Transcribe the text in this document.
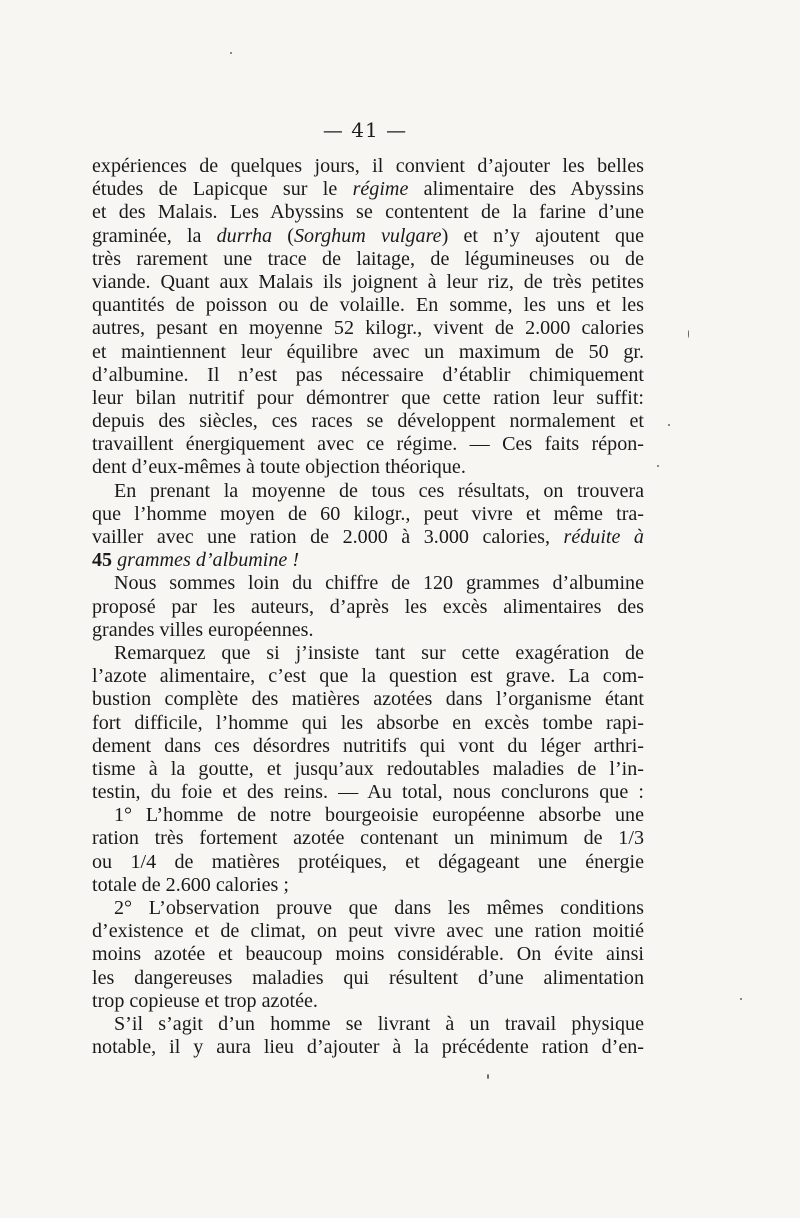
— 41 —
expériences de quelques jours, il convient d’ajouter les belles
études de Lapicque sur le régime alimentaire des Abyssins
et des Malais. Les Abyssins se contentent de la farine d’une
graminée, la durrha (Sorghum vulgare) et n’y ajoutent que
très rarement une trace de laitage, de légumineuses ou de
viande. Quant aux Malais ils joignent à leur riz, de très petites
quantités de poisson ou de volaille. En somme, les uns et les
autres, pesant en moyenne 52 kilogr., vivent de 2.000 calories
et maintiennent leur équilibre avec un maximum de 50 gr.
d’albumine. Il n’est pas nécessaire d’établir chimiquement
leur bilan nutritif pour démontrer que cette ration leur suffit:
depuis des siècles, ces races se développent normalement et
travaillent énergiquement avec ce régime. — Ces faits répon-
dent d’eux-mêmes à toute objection théorique.
En prenant la moyenne de tous ces résultats, on trouvera
que l’homme moyen de 60 kilogr., peut vivre et même tra-
vailler avec une ration de 2.000 à 3.000 calories, réduite à
45 grammes d’albumine !
Nous sommes loin du chiffre de 120 grammes d’albumine
proposé par les auteurs, d’après les excès alimentaires des
grandes villes européennes.
Remarquez que si j’insiste tant sur cette exagération de
l’azote alimentaire, c’est que la question est grave. La com-
bustion complète des matières azotées dans l’organisme étant
fort difficile, l’homme qui les absorbe en excès tombe rapi-
dement dans ces désordres nutritifs qui vont du léger arthri-
tisme à la goutte, et jusqu’aux redoutables maladies de l’in-
testin, du foie et des reins. — Au total, nous conclurons que :
1° L’homme de notre bourgeoisie européenne absorbe une
ration très fortement azotée contenant un minimum de 1/3
ou 1/4 de matières protéiques, et dégageant une énergie
totale de 2.600 calories ;
2° L’observation prouve que dans les mêmes conditions
d’existence et de climat, on peut vivre avec une ration moitié
moins azotée et beaucoup moins considérable. On évite ainsi
les dangereuses maladies qui résultent d’une alimentation
trop copieuse et trop azotée.
S’il s’agit d’un homme se livrant à un travail physique
notable, il y aura lieu d’ajouter à la précédente ration d’en-
